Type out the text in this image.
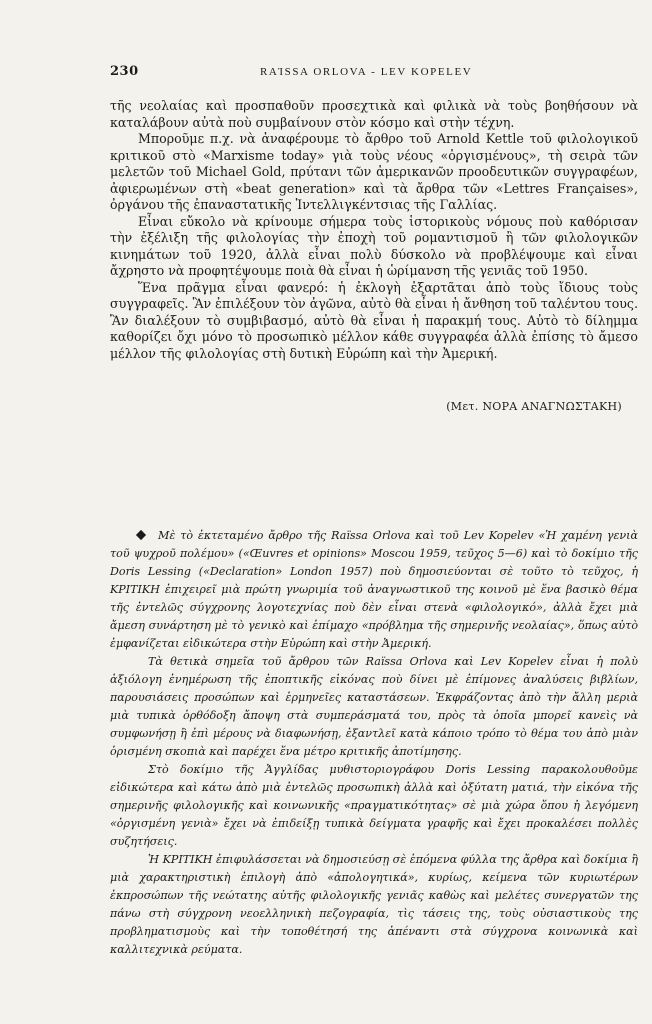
230	RAΊSSA ORLOVA - LEV KOPELEV

τῆς νεολαίας καὶ προσπαθοῦν προσεχτικὰ καὶ φιλικὰ νὰ τοὺς βοηθήσουν νὰ καταλάβουν αὐτὰ ποὺ συμβαίνουν στὸν κόσμο καὶ στὴν τέχνη.

Μποροῦμε π.χ. νὰ ἀναφέρουμε τὸ ἄρθρο τοῦ Arnold Kettle τοῦ φιλολογικοῦ κριτικοῦ στὸ «Marxisme today» γιὰ τοὺς νέους «ὀργισμένους», τὴ σειρὰ τῶν μελετῶν τοῦ Michael Gold, πρύτανι τῶν ἀμερικανῶν προοδευτικῶν συγγραφέων, ἀφιερωμένων στὴ «beat generation» καὶ τὰ ἄρθρα τῶν «Lettres Françaises», ὀργάνου τῆς ἐπαναστατικῆς Ἰντελλιγκέντσιας τῆς Γαλλίας.

Εἶναι εὔκολο νὰ κρίνουμε σήμερα τοὺς ἱστορικοὺς νόμους ποὺ καθόρισαν τὴν ἐξέλιξη τῆς φιλολογίας τὴν ἐποχὴ τοῦ ρομαντισμοῦ ἢ τῶν φιλολογικῶν κινημάτων τοῦ 1920, ἀλλὰ εἶναι πολὺ δύσκολο νὰ προβλέψουμε καὶ εἶναι ἄχρηστο νὰ προφητέψουμε ποιὰ θὰ εἶναι ἡ ὡρίμανση τῆς γενιᾶς τοῦ 1950.

Ἕνα πρᾶγμα εἶναι φανερό: ἡ ἐκλογὴ ἐξαρτᾶται ἀπὸ τοὺς ἴδιους τοὺς συγγραφεῖς. Ἂν ἐπιλέξουν τὸν ἀγῶνα, αὐτὸ θὰ εἶναι ἡ ἄνθηση τοῦ ταλέντου τους. Ἂν διαλέξουν τὸ συμβιβασμό, αὐτὸ θὰ εἶναι ἡ παρακμή τους. Αὐτὸ τὸ δίλημμα καθορίζει ὄχι μόνο τὸ προσωπικὸ μέλλον κάθε συγγραφέα ἀλλὰ ἐπίσης τὸ ἄμεσο μέλλον τῆς φιλολογίας στὴ δυτικὴ Εὐρώπη καὶ τὴν Ἀμερική.

(Μετ. ΝΟΡΑ ΑΝΑΓΝΩΣΤΑΚΗ)

Μὲ τὸ ἐκτεταμένο ἄρθρο τῆς Raïssa Orlova καὶ τοῦ Lev Kopelev «Ἡ χαμένη γενιὰ τοῦ ψυχροῦ πολέμου» («Œuvres et opinions» Moscou 1959, τεῦχος 5—6) καὶ τὸ δοκίμιο τῆς Doris Lessing («Declaration» London 1957) ποὺ δημοσιεύονται σὲ τοῦτο τὸ τεῦχος, ἡ ΚΡΙΤΙΚΗ ἐπιχειρεῖ μιὰ πρώτη γνωριμία τοῦ ἀναγνωστικοῦ της κοινοῦ μὲ ἕνα βασικὸ θέμα τῆς ἐντελῶς σύγχρονης λογοτεχνίας ποὺ δὲν εἶναι στενὰ «φιλολογικό», ἀλλὰ ἔχει μιὰ ἄμεση συνάρτηση μὲ τὸ γενικὸ καὶ ἐπίμαχο «πρόβλημα τῆς σημερινῆς νεολαίας», ὅπως αὐτὸ ἐμφανίζεται εἰδικώτερα στὴν Εὐρώπη καὶ στὴν Ἀμερική.

Τὰ θετικὰ σημεῖα τοῦ ἄρθρου τῶν Raïssa Orlova καὶ Lev Kopelev εἶναι ἡ πολὺ ἀξιόλογη ἐνημέρωση τῆς ἐποπτικῆς εἰκόνας ποὺ δίνει μὲ ἐπίμονες ἀναλύσεις βιβλίων, παρουσιάσεις προσώπων καὶ ἑρμηνεῖες καταστάσεων. Ἐκφράζοντας ἀπὸ τὴν ἄλλη μεριὰ μιὰ τυπικὰ ὀρθόδοξη ἄποψη στὰ συμπεράσματά του, πρὸς τὰ ὁποῖα μπορεῖ κανεὶς νὰ συμφωνήσῃ ἢ ἐπὶ μέρους νὰ διαφωνήσῃ, ἐξαντλεῖ κατὰ κάποιο τρόπο τὸ θέμα του ἀπὸ μιὰν ὁρισμένη σκοπιὰ καὶ παρέχει ἕνα μέτρο κριτικῆς ἀποτίμησης.

Στὸ δοκίμιο τῆς Ἀγγλίδας μυθιστοριογράφου Doris Lessing παρακολουθοῦμε εἰδικώτερα καὶ κάτω ἀπὸ μιὰ ἐντελῶς προσωπικὴ ἀλλὰ καὶ ὀξύτατη ματιά, τὴν εἰκόνα τῆς σημερινῆς φιλολογικῆς καὶ κοινωνικῆς «πραγματικότητας» σὲ μιὰ χώρα ὅπου ἡ λεγόμενη «ὀργισμένη γενιὰ» ἔχει νὰ ἐπιδείξῃ τυπικὰ δείγματα γραφῆς καὶ ἔχει προκαλέσει πολλὲς συζητήσεις.

Ἡ ΚΡΙΤΙΚΗ ἐπιφυλάσσεται νὰ δημοσιεύσῃ σὲ ἑπόμενα φύλλα της ἄρθρα καὶ δοκίμια ἢ μιὰ χαρακτηριστικὴ ἐπιλογὴ ἀπὸ «ἀπολογητικά», κυρίως, κείμενα τῶν κυριωτέρων ἐκπροσώπων τῆς νεώτατης αὐτῆς φιλολογικῆς γενιᾶς καθὼς καὶ μελέτες συνεργατῶν της πάνω στὴ σύγχρονη νεοελληνικὴ πεζογραφία, τὶς τάσεις της, τοὺς οὐσιαστικοὺς της προβληματισμοὺς καὶ τὴν τοποθέτησή της ἀπέναντι στὰ σύγχρονα κοινωνικὰ καὶ καλλιτεχνικὰ ρεύματα.
